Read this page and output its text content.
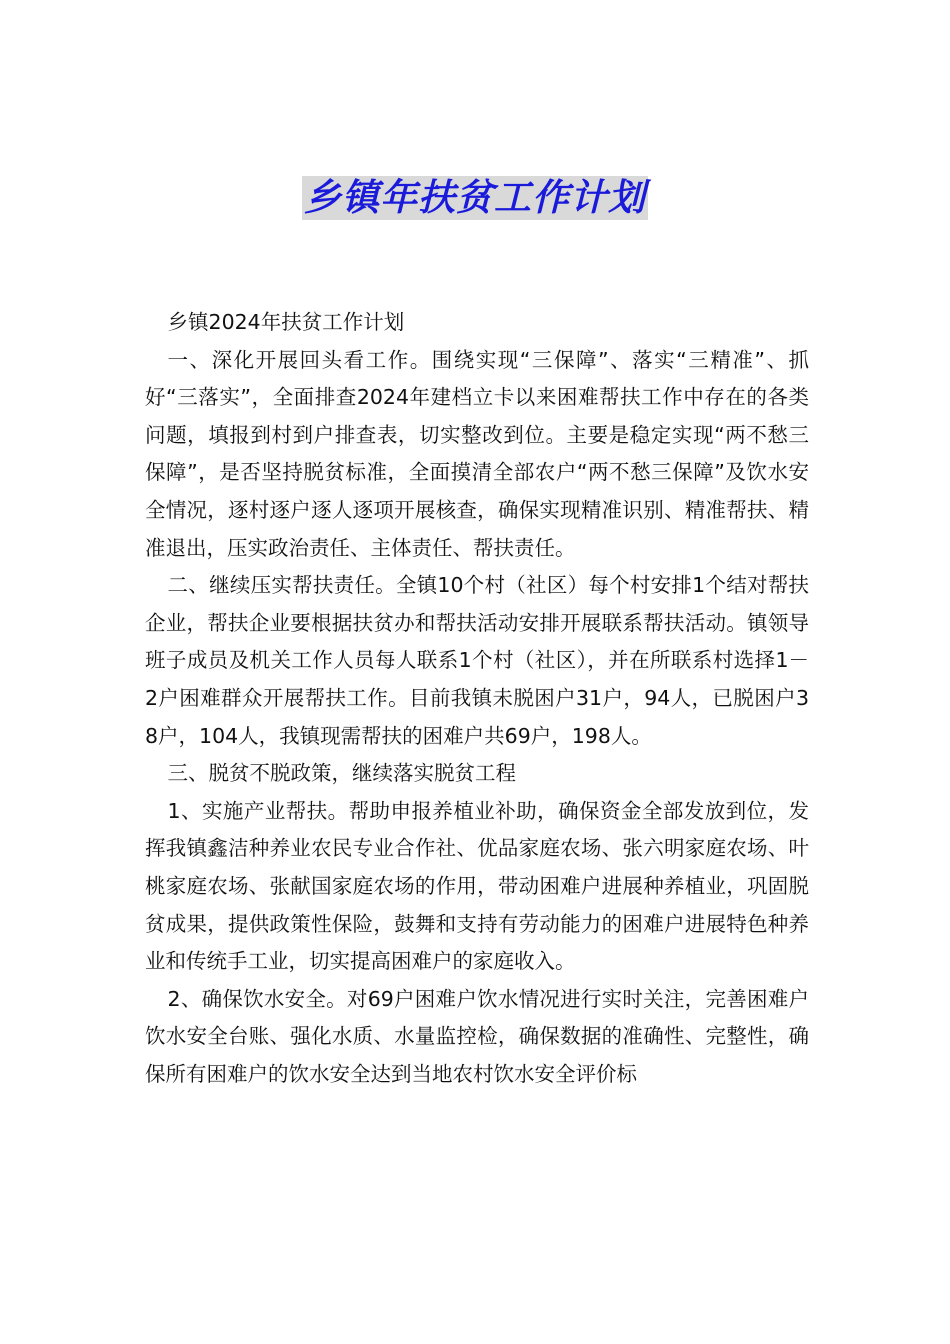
乡镇年扶贫工作计划

乡镇2024年扶贫工作计划

一、深化开展回头看工作。围绕实现“三保障”、落实“三精准”、抓好“三落实”，全面排查2024年建档立卡以来困难帮扶工作中存在的各类问题，填报到村到户排查表，切实整改到位。主要是稳定实现“两不愁三保障”，是否坚持脱贫标准，全面摸清全部农户“两不愁三保障”及饮水安全情况，逐村逐户逐人逐项开展核查，确保实现精准识别、精准帮扶、精准退出，压实政治责任、主体责任、帮扶责任。

二、继续压实帮扶责任。全镇10个村（社区）每个村安排1个结对帮扶企业，帮扶企业要根据扶贫办和帮扶活动安排开展联系帮扶活动。镇领导班子成员及机关工作人员每人联系1个村（社区），并在所联系村选择1－2户困难群众开展帮扶工作。目前我镇未脱困户31户，94人，已脱困户38户，104人，我镇现需帮扶的困难户共69户，198人。

三、脱贫不脱政策，继续落实脱贫工程

1、实施产业帮扶。帮助申报养植业补助，确保资金全部发放到位，发挥我镇鑫洁种养业农民专业合作社、优品家庭农场、张六明家庭农场、叶桃家庭农场、张献国家庭农场的作用，带动困难户进展种养植业，巩固脱贫成果，提供政策性保险，鼓舞和支持有劳动能力的困难户进展特色种养业和传统手工业，切实提高困难户的家庭收入。

2、确保饮水安全。对69户困难户饮水情况进行实时关注，完善困难户饮水安全台账、强化水质、水量监控检，确保数据的准确性、完整性，确保所有困难户的饮水安全达到当地农村饮水安全评价标
